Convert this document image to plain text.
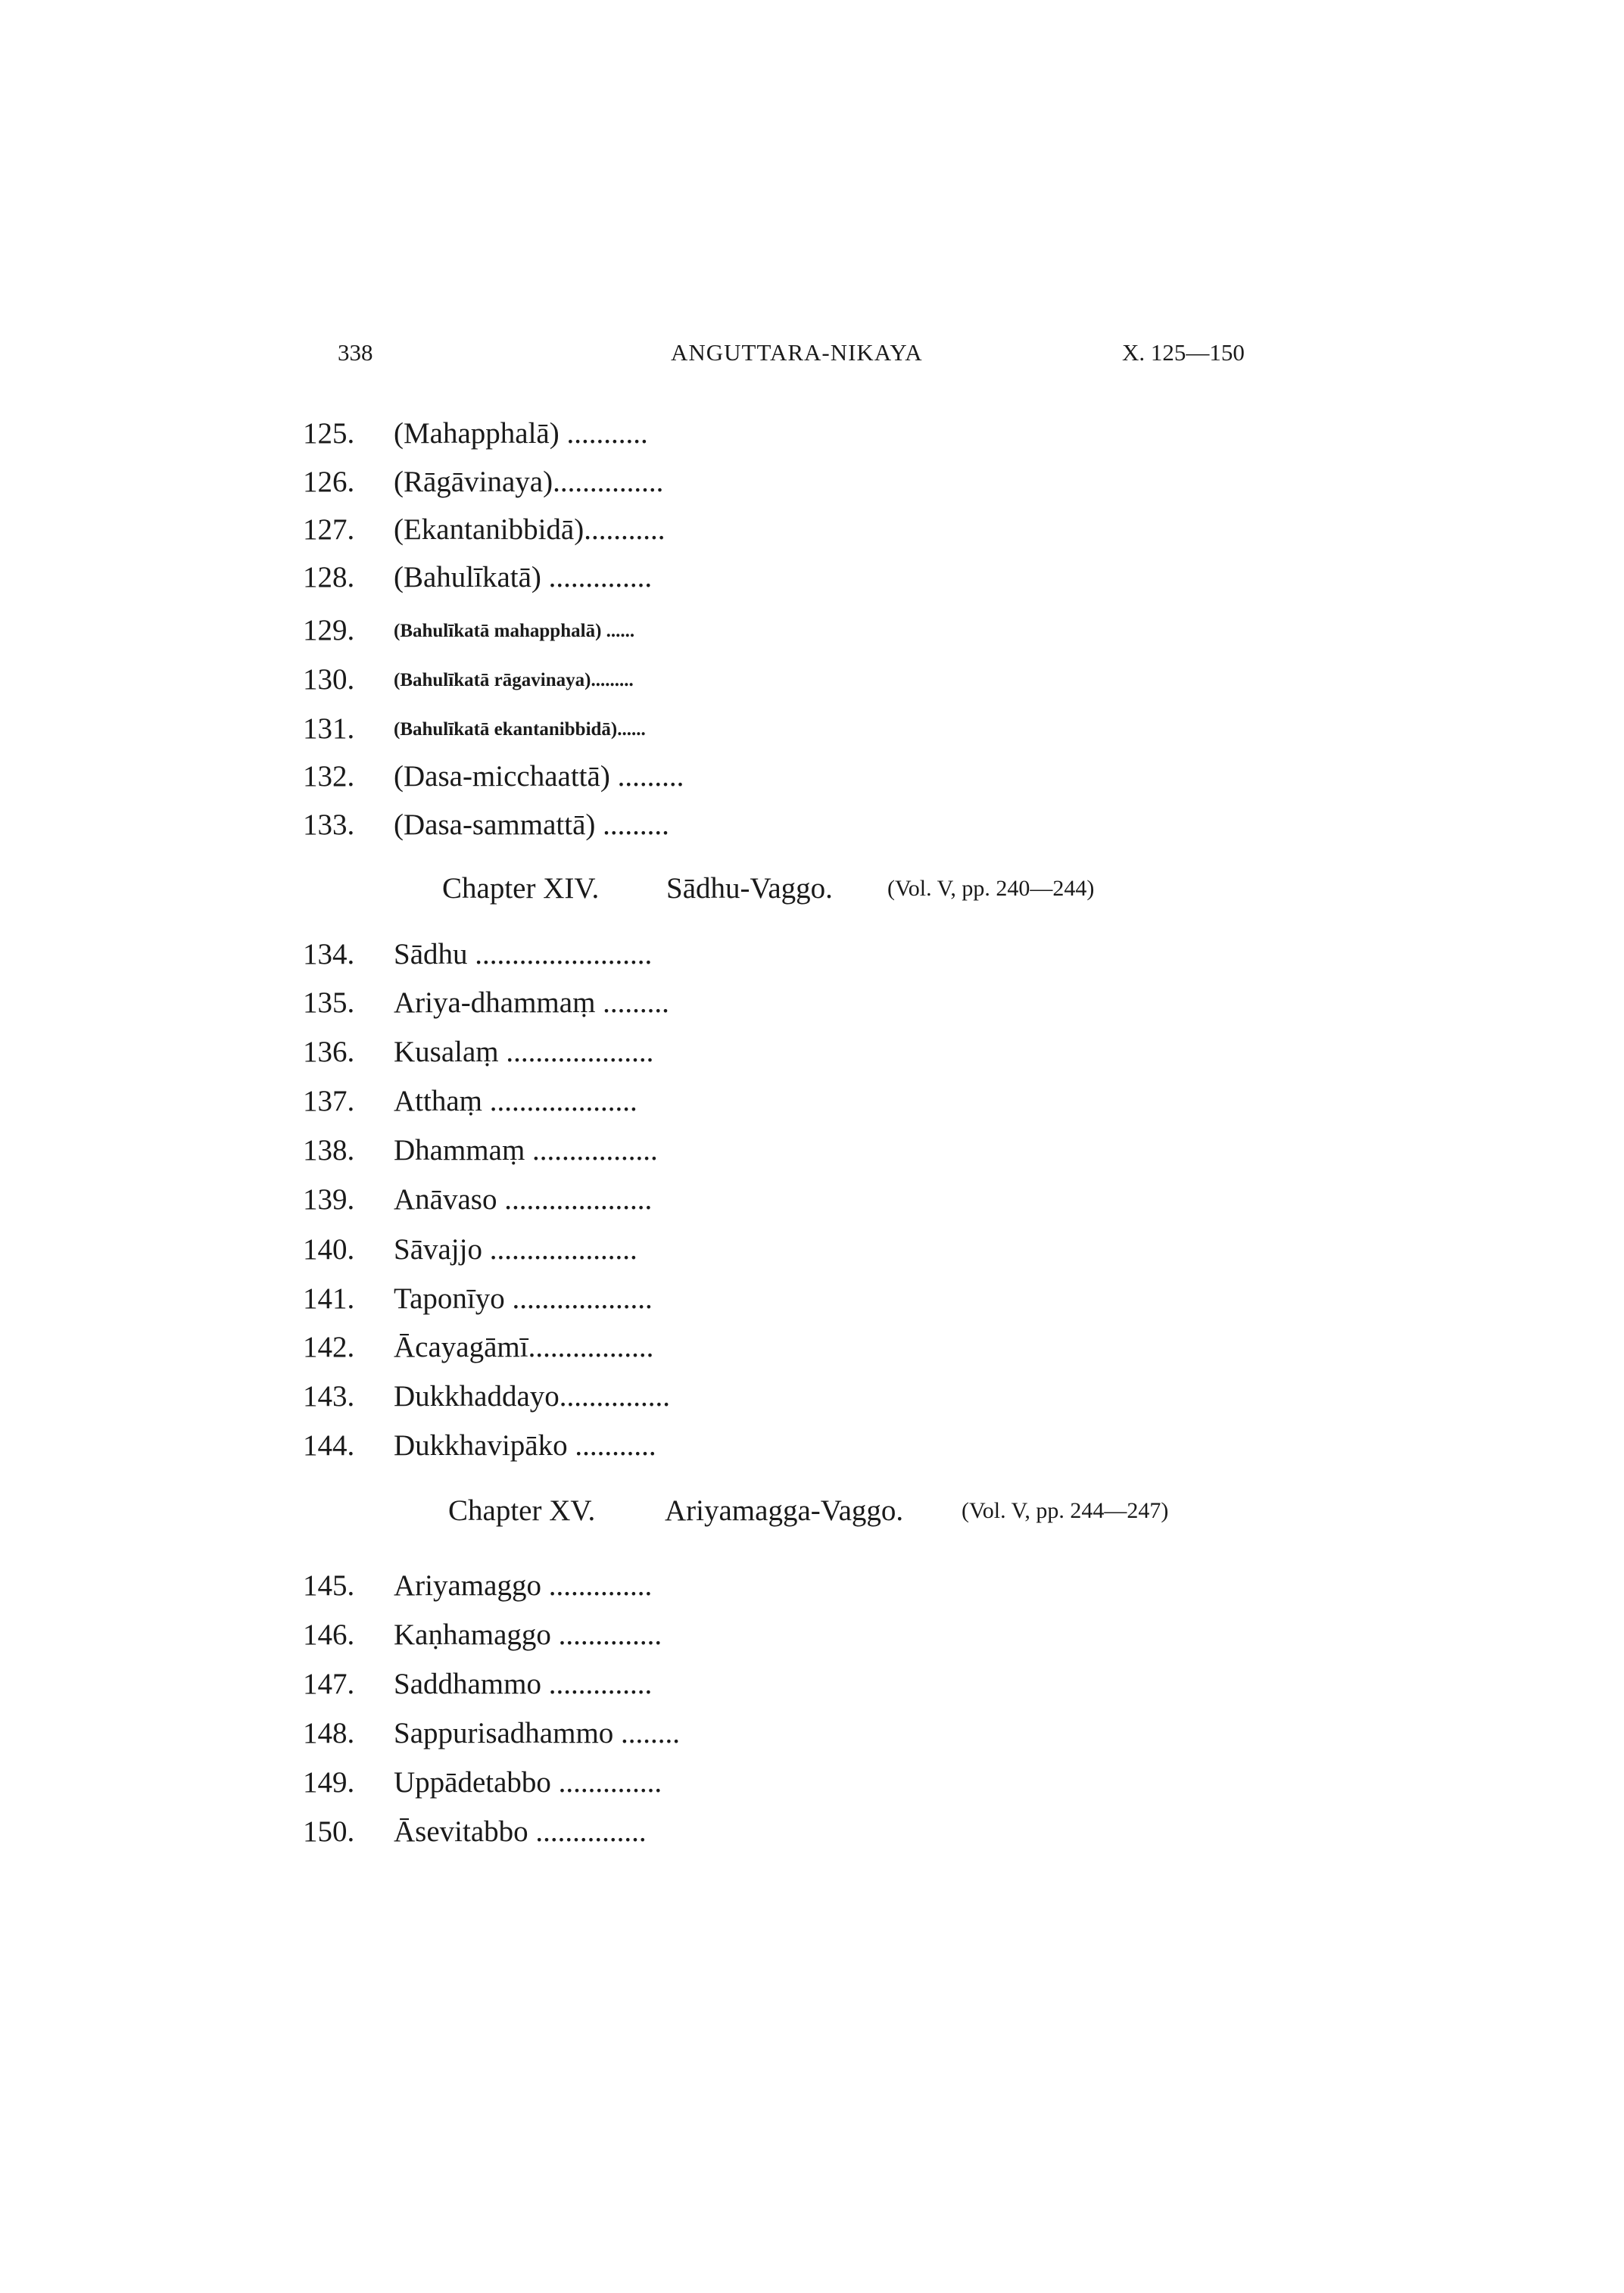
338	ANGUTTARA-NIKAYA	X. 125—150
125.	(Mahapphalā) ...........
126.	(Rāgāvinaya)...............
127.	(Ekantanibbidā)...........
128.	(Bahulīkatā) ..............
129.	(Bahulīkatā mahapphalā) ......
130.	(Bahulīkatā rāgavinaya).........
131.	(Bahulīkatā ekantanibbidā)......
132.	(Dasa-micchaattā) .........
133.	(Dasa-sammattā) .........
Chapter XIV. Sādhu-Vaggo. (Vol. V, pp. 240—244)
134.	Sādhu ........................
135.	Ariya-dhammaṃ .........
136.	Kusalaṃ ....................
137.	Atthaṃ ....................
138.	Dhammaṃ .................
139.	Anāvaso ....................
140.	Sāvajjo ....................
141.	Taponīyo ...................
142.	Ācayagāmī.................
143.	Dukkhaddayo...............
144.	Dukkhavipāko ...........
Chapter XV. Ariyamagga-Vaggo.	(Vol. V, pp. 244—247)
145.	Ariyamaggo ..............
146.	Kaṇhamaggo ..............
147.	Saddhammo ..............
148.	Sappurisadhammo ........
149.	Uppādetabbo ..............
150.	Āsevitabbo ...............
